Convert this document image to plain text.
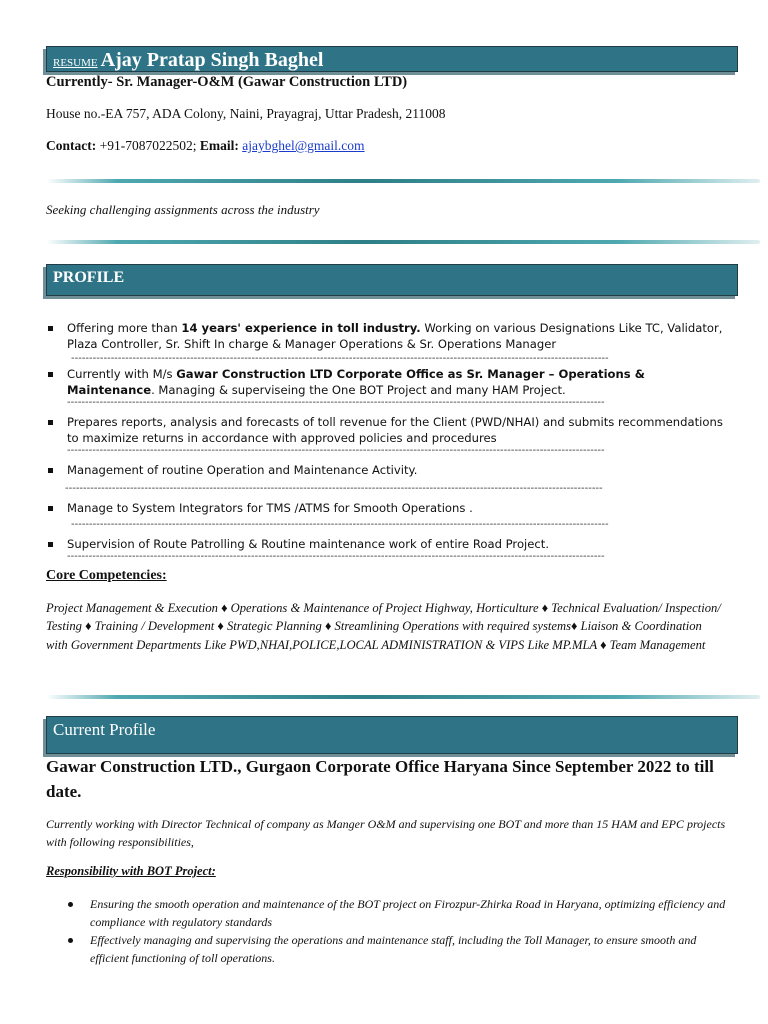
RESUME Ajay Pratap Singh Baghel
Currently- Sr. Manager-O&M (Gawar Construction LTD)
House no.-EA 757, ADA Colony, Naini, Prayagraj, Uttar Pradesh, 211008
Contact: +91-7087022502; Email: ajaybghel@gmail.com
Seeking challenging assignments across the industry
PROFILE
Offering more than 14 years' experience in toll industry. Working on various Designations Like TC, Validator, Plaza Controller, Sr. Shift In charge & Manager Operations & Sr. Operations Manager
-----------------------------------------------------------------------------------------------------------------------------------------------------
Currently with M/s Gawar Construction LTD Corporate Office as Sr. Manager – Operations & Maintenance. Managing & superviseing the One BOT Project and many HAM Project.
-----------------------------------------------------------------------------------------------------------------------------------------------------
Prepares reports, analysis and forecasts of toll revenue for the Client (PWD/NHAI) and submits recommendations to maximize returns in accordance with approved policies and procedures
-----------------------------------------------------------------------------------------------------------------------------------------------------
Management of routine Operation and Maintenance Activity.
-----------------------------------------------------------------------------------------------------------------------------------------------------
Manage to System Integrators for TMS /ATMS for Smooth Operations .
-----------------------------------------------------------------------------------------------------------------------------------------------------
Supervision of Route Patrolling & Routine maintenance work of entire Road Project.
-----------------------------------------------------------------------------------------------------------------------------------------------------
Core Competencies:
Project Management & Execution ♦ Operations & Maintenance of Project Highway, Horticulture ♦ Technical Evaluation/ Inspection/ Testing ♦ Training / Development ♦ Strategic Planning ♦ Streamlining Operations with required systems♦ Liaison & Coordination with Government Departments Like PWD,NHAI,POLICE,LOCAL ADMINISTRATION & VIPS Like MP.MLA ♦ Team Management
Current Profile
Gawar Construction LTD., Gurgaon Corporate Office Haryana Since September 2022 to till date.
Currently working with Director Technical of company as Manger O&M and supervising one BOT and more than 15 HAM and EPC projects with following responsibilities,
Responsibility with BOT Project:
Ensuring the smooth operation and maintenance of the BOT project on Firozpur-Zhirka Road in Haryana, optimizing efficiency and compliance with regulatory standards
Effectively managing and supervising the operations and maintenance staff, including the Toll Manager, to ensure smooth and efficient functioning of toll operations.
